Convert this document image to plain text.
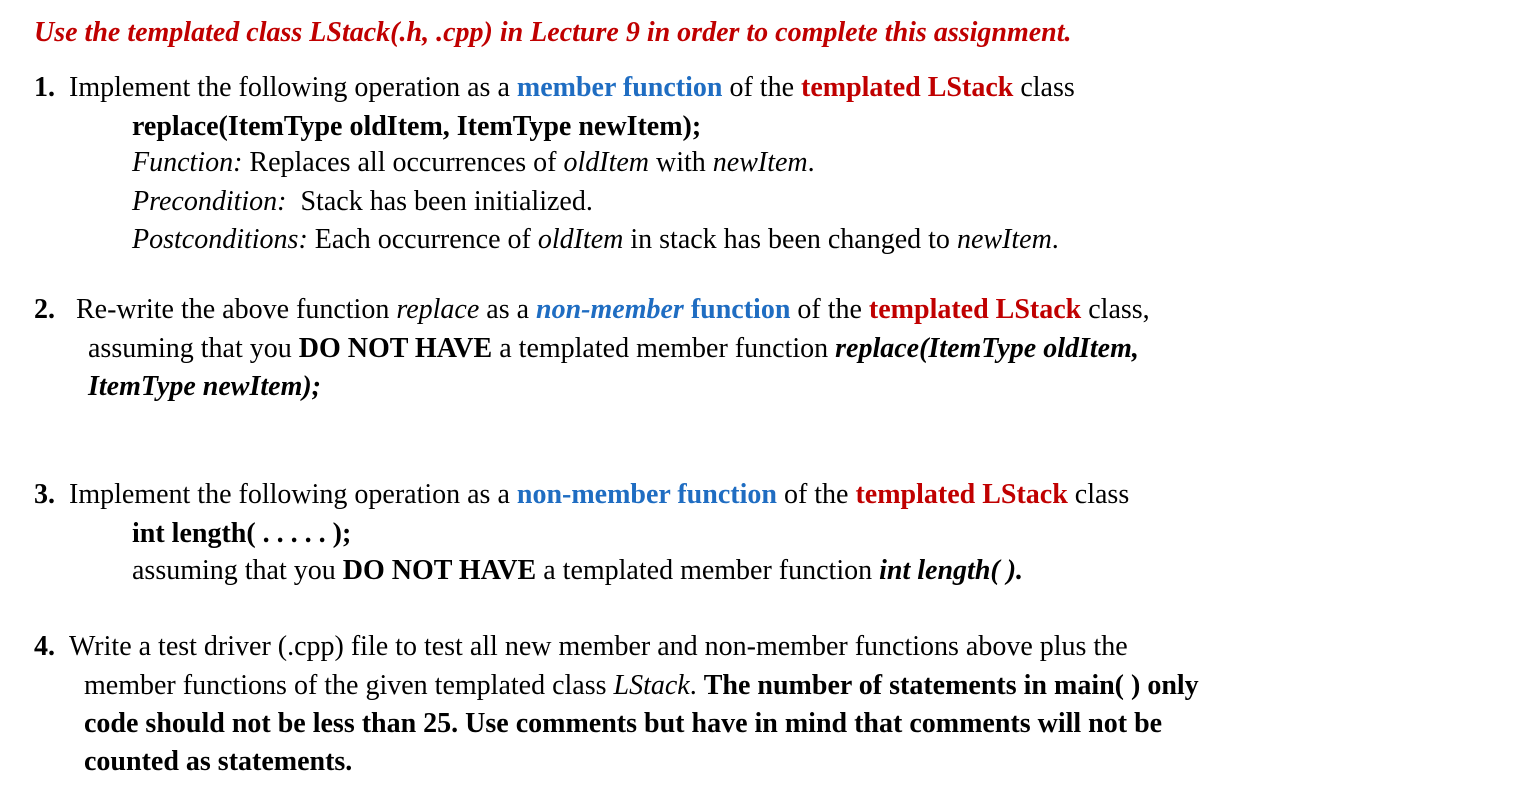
Use the templated class LStack(.h, .cpp) in Lecture 9 in order to complete this assignment.
1. Implement the following operation as a member function of the templated LStack class
replace(ItemType oldItem, ItemType newItem);
Function: Replaces all occurrences of oldItem with newItem.
Precondition:  Stack has been initialized.
Postconditions: Each occurrence of oldItem in stack has been changed to newItem.
2. Re-write the above function replace as a non-member function of the templated LStack class,
assuming that you DO NOT HAVE a templated member function replace(ItemType oldItem,
ItemType newItem);
3. Implement the following operation as a non-member function of the templated LStack class
int length( . . . . . );
assuming that you DO NOT HAVE a templated member function int length( ).
4. Write a test driver (.cpp) file to test all new member and non-member functions above plus the
member functions of the given templated class LStack. The number of statements in main( ) only
code should not be less than 25. Use comments but have in mind that comments will not be
counted as statements.
